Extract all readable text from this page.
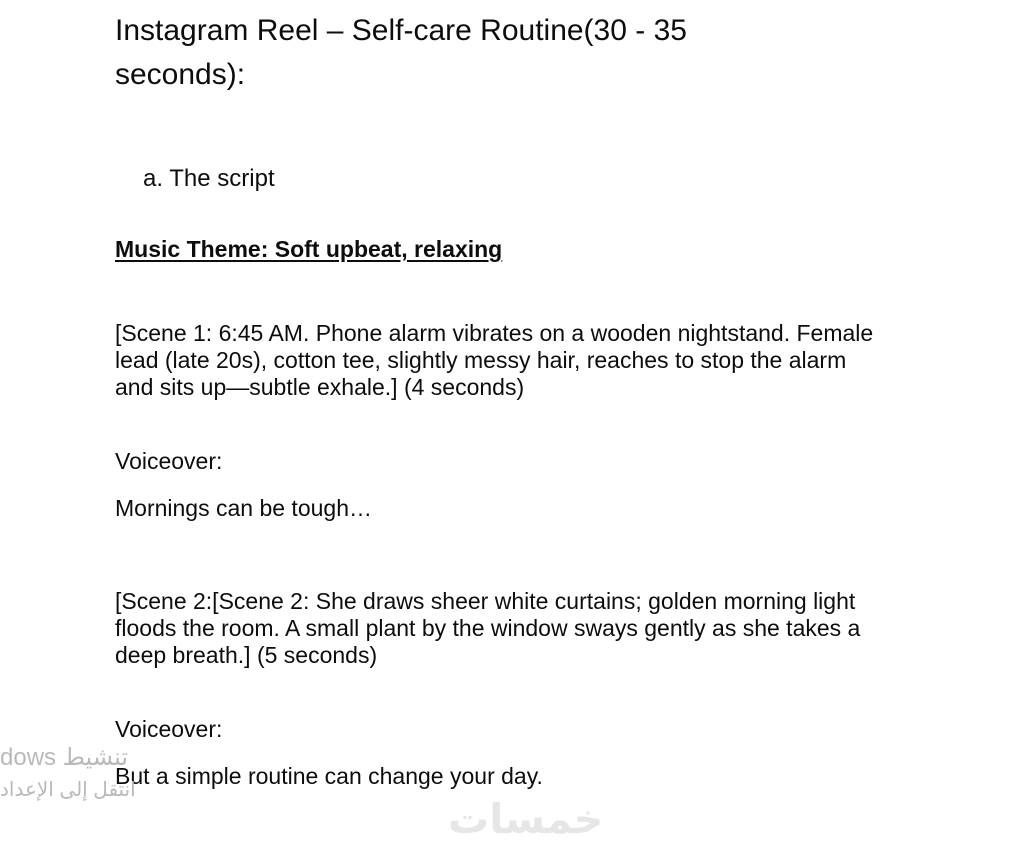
Instagram Reel – Self-care Routine(30 - 35
seconds):
a. The script
Music Theme: Soft upbeat, relaxing
[Scene 1: 6:45 AM. Phone alarm vibrates on a wooden nightstand. Female
lead (late 20s), cotton tee, slightly messy hair, reaches to stop the alarm
and sits up—subtle exhale.] (4 seconds)
Voiceover:
Mornings can be tough…
[Scene 2:[Scene 2: She draws sheer white curtains; golden morning light
floods the room. A small plant by the window sways gently as she takes a
deep breath.] (5 seconds)
Voiceover:
But a simple routine can change your day.
dows تنشيط
انتقل إلى الإعداد
خمسات
